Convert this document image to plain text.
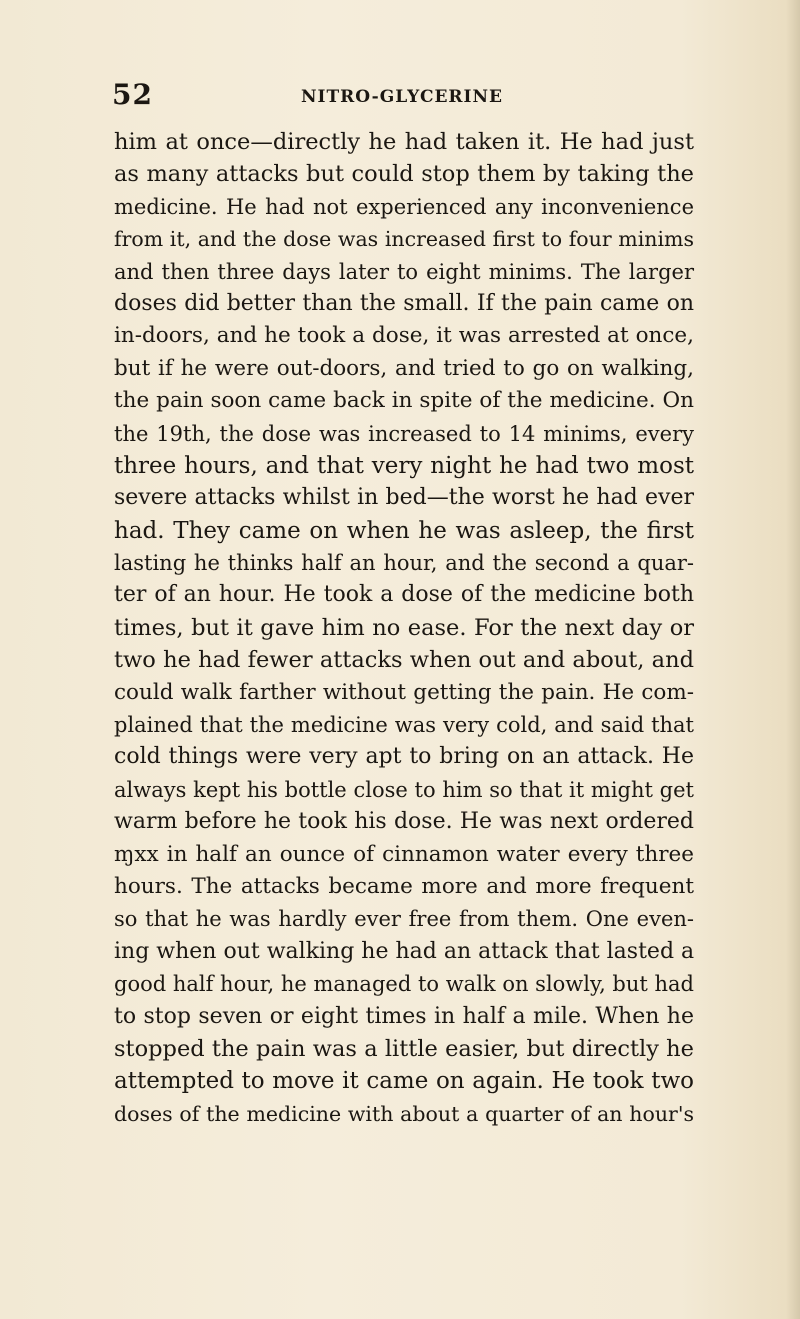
52	NITRO-GLYCERINE
him at once—directly he had taken it. He had just
as many attacks but could stop them by taking the
medicine. He had not experienced any inconvenience
from it, and the dose was increased first to four minims
and then three days later to eight minims. The larger
doses did better than the small. If the pain came on
in-doors, and he took a dose, it was arrested at once,
but if he were out-doors, and tried to go on walking,
the pain soon came back in spite of the medicine. On
the 19th, the dose was increased to 14 minims, every
three hours, and that very night he had two most
severe attacks whilst in bed—the worst he had ever
had. They came on when he was asleep, the first
lasting he thinks half an hour, and the second a quar-
ter of an hour. He took a dose of the medicine both
times, but it gave him no ease. For the next day or
two he had fewer attacks when out and about, and
could walk farther without getting the pain. He com-
plained that the medicine was very cold, and said that
cold things were very apt to bring on an attack. He
always kept his bottle close to him so that it might get
warm before he took his dose. He was next ordered
ɱxx in half an ounce of cinnamon water every three
hours. The attacks became more and more frequent
so that he was hardly ever free from them. One even-
ing when out walking he had an attack that lasted a
good half hour, he managed to walk on slowly, but had
to stop seven or eight times in half a mile. When he
stopped the pain was a little easier, but directly he
attempted to move it came on again. He took two
doses of the medicine with about a quarter of an hour's
